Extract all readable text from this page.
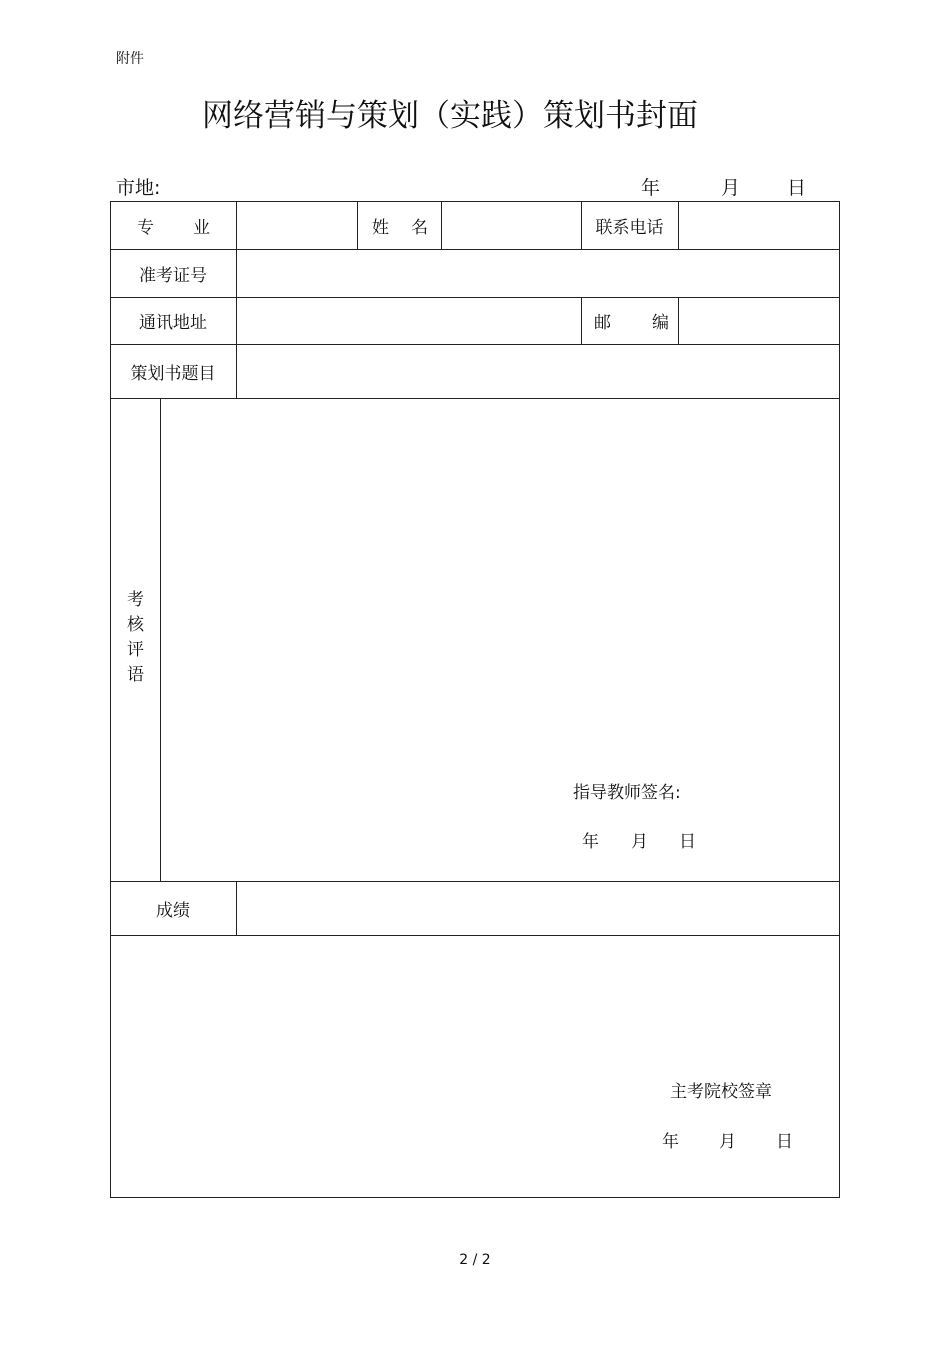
附件
网络营销与策划（实践）策划书封面
市地:	年	月 日
专 业	姓 名	联系电话
准考证号
通讯地址	邮 编
策划书题目
考
核
评
语
指导教师签名:
年 月 日
成绩
主考院校签章
年 月 日
2 / 2
